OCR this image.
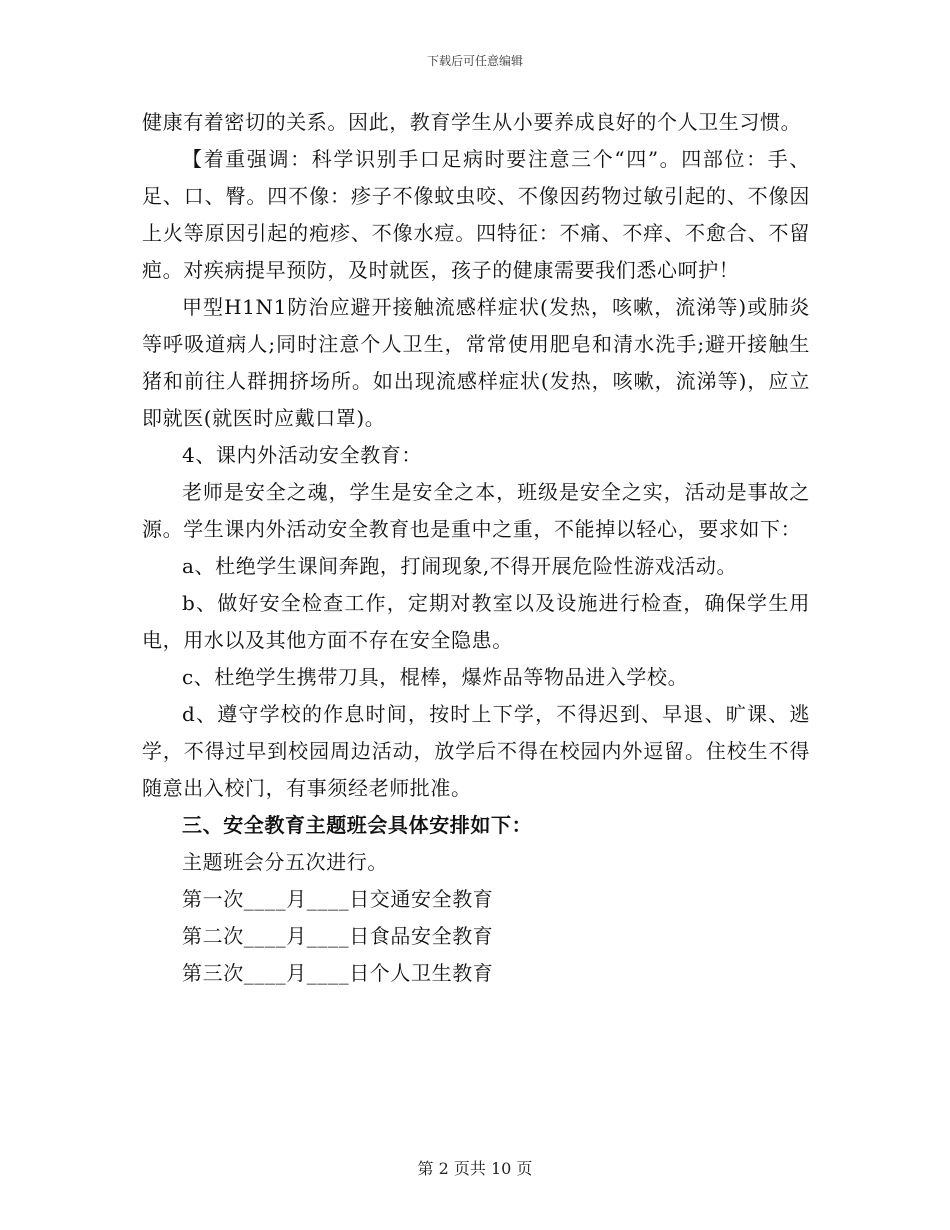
下载后可任意编辑

健康有着密切的关系。因此，教育学生从小要养成良好的个人卫生习惯。

【着重强调：科学识别手口足病时要注意三个“四”。四部位：手、足、口、臀。四不像：疹子不像蚊虫咬、不像因药物过敏引起的、不像因上火等原因引起的疱疹、不像水痘。四特征：不痛、不痒、不愈合、不留疤。对疾病提早预防，及时就医，孩子的健康需要我们悉心呵护！

甲型H1N1防治应避开接触流感样症状(发热，咳嗽，流涕等)或肺炎等呼吸道病人;同时注意个人卫生，常常使用肥皂和清水洗手;避开接触生猪和前往人群拥挤场所。如出现流感样症状(发热，咳嗽，流涕等)，应立即就医(就医时应戴口罩)。

4、课内外活动安全教育：

老师是安全之魂，学生是安全之本，班级是安全之实，活动是事故之源。学生课内外活动安全教育也是重中之重，不能掉以轻心，要求如下：

a、杜绝学生课间奔跑，打闹现象,不得开展危险性游戏活动。

b、做好安全检查工作，定期对教室以及设施进行检查，确保学生用电，用水以及其他方面不存在安全隐患。

c、杜绝学生携带刀具，棍棒，爆炸品等物品进入学校。

d、遵守学校的作息时间，按时上下学，不得迟到、早退、旷课、逃学，不得过早到校园周边活动，放学后不得在校园内外逗留。住校生不得随意出入校门，有事须经老师批准。

三、安全教育主题班会具体安排如下：

主题班会分五次进行。

第一次____月____日交通安全教育

第二次____月____日食品安全教育

第三次____月____日个人卫生教育

第 2 页共 10 页
